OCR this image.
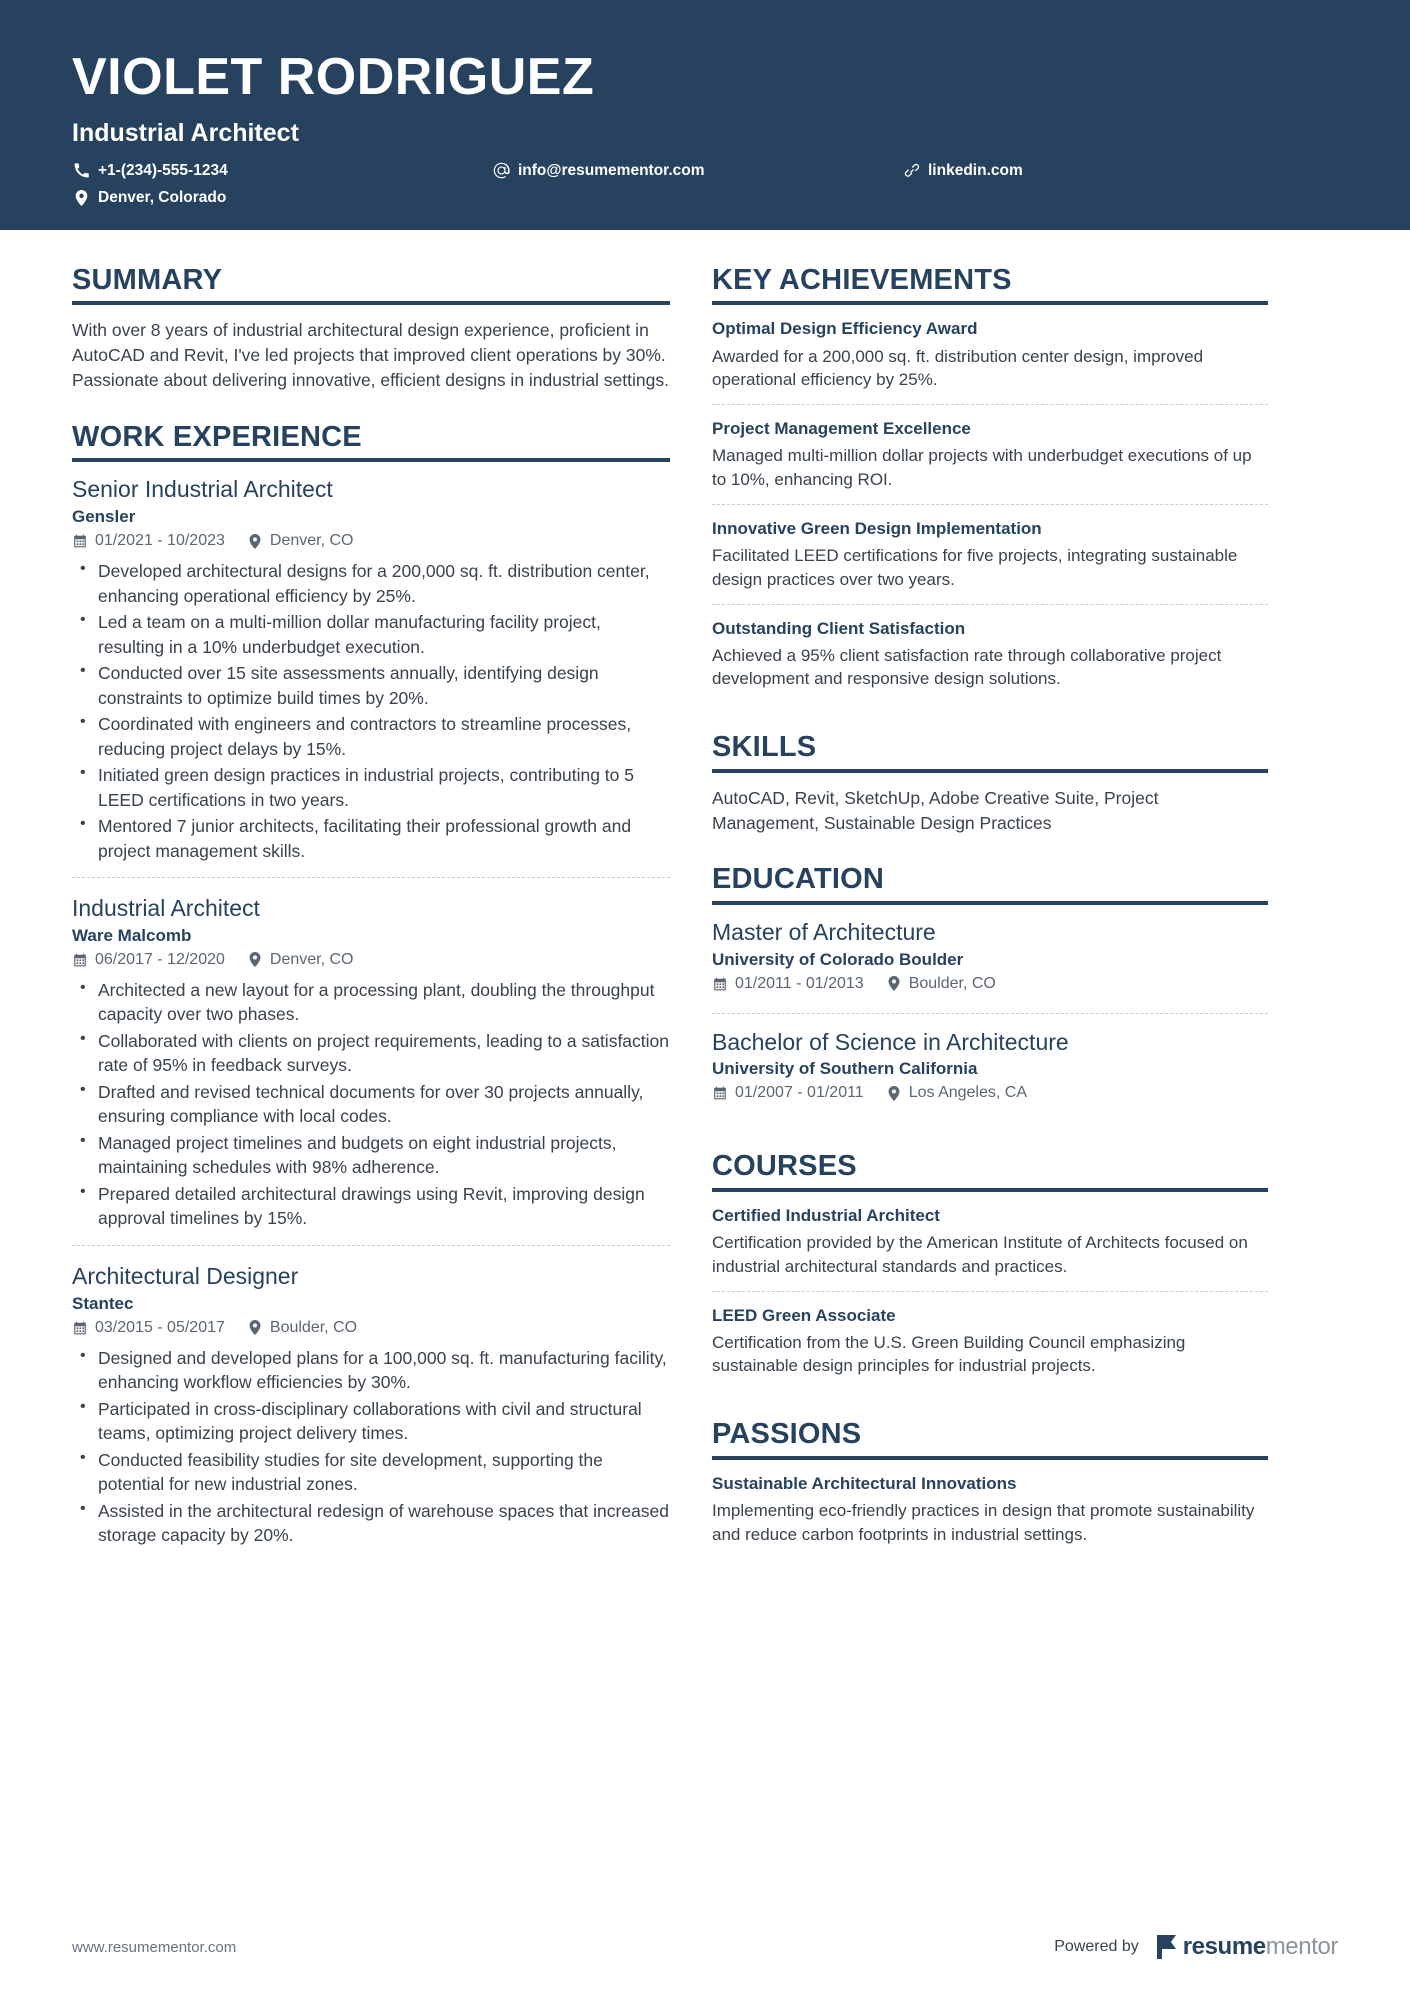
VIOLET RODRIGUEZ
Industrial Architect
+1-(234)-555-1234
Denver, Colorado
info@resumementor.com	linkedin.com
SUMMARY
With over 8 years of industrial architectural design experience, proficient in AutoCAD and Revit, I've led projects that improved client operations by 30%. Passionate about delivering innovative, efficient designs in industrial settings.
WORK EXPERIENCE
Senior Industrial Architect
Gensler
01/2021 - 10/2023	Denver, CO
• Developed architectural designs for a 200,000 sq. ft. distribution center, enhancing operational efficiency by 25%.
• Led a team on a multi-million dollar manufacturing facility project, resulting in a 10% underbudget execution.
• Conducted over 15 site assessments annually, identifying design constraints to optimize build times by 20%.
• Coordinated with engineers and contractors to streamline processes, reducing project delays by 15%.
• Initiated green design practices in industrial projects, contributing to 5 LEED certifications in two years.
• Mentored 7 junior architects, facilitating their professional growth and project management skills.
Industrial Architect
Ware Malcomb
06/2017 - 12/2020	Denver, CO
• Architected a new layout for a processing plant, doubling the throughput capacity over two phases.
• Collaborated with clients on project requirements, leading to a satisfaction rate of 95% in feedback surveys.
• Drafted and revised technical documents for over 30 projects annually, ensuring compliance with local codes.
• Managed project timelines and budgets on eight industrial projects, maintaining schedules with 98% adherence.
• Prepared detailed architectural drawings using Revit, improving design approval timelines by 15%.
Architectural Designer
Stantec
03/2015 - 05/2017	Boulder, CO
• Designed and developed plans for a 100,000 sq. ft. manufacturing facility, enhancing workflow efficiencies by 30%.
• Participated in cross-disciplinary collaborations with civil and structural teams, optimizing project delivery times.
• Conducted feasibility studies for site development, supporting the potential for new industrial zones.
• Assisted in the architectural redesign of warehouse spaces that increased storage capacity by 20%.
KEY ACHIEVEMENTS
Optimal Design Efficiency Award
Awarded for a 200,000 sq. ft. distribution center design, improved operational efficiency by 25%.
Project Management Excellence
Managed multi-million dollar projects with underbudget executions of up to 10%, enhancing ROI.
Innovative Green Design Implementation
Facilitated LEED certifications for five projects, integrating sustainable design practices over two years.
Outstanding Client Satisfaction
Achieved a 95% client satisfaction rate through collaborative project development and responsive design solutions.
SKILLS
AutoCAD, Revit, SketchUp, Adobe Creative Suite, Project Management, Sustainable Design Practices
EDUCATION
Master of Architecture
University of Colorado Boulder
01/2011 - 01/2013	Boulder, CO
Bachelor of Science in Architecture
University of Southern California
01/2007 - 01/2011	Los Angeles, CA
COURSES
Certified Industrial Architect
Certification provided by the American Institute of Architects focused on industrial architectural standards and practices.
LEED Green Associate
Certification from the U.S. Green Building Council emphasizing sustainable design principles for industrial projects.
PASSIONS
Sustainable Architectural Innovations
Implementing eco-friendly practices in design that promote sustainability and reduce carbon footprints in industrial settings.
www.resumementor.com	Powered by resume mentor
